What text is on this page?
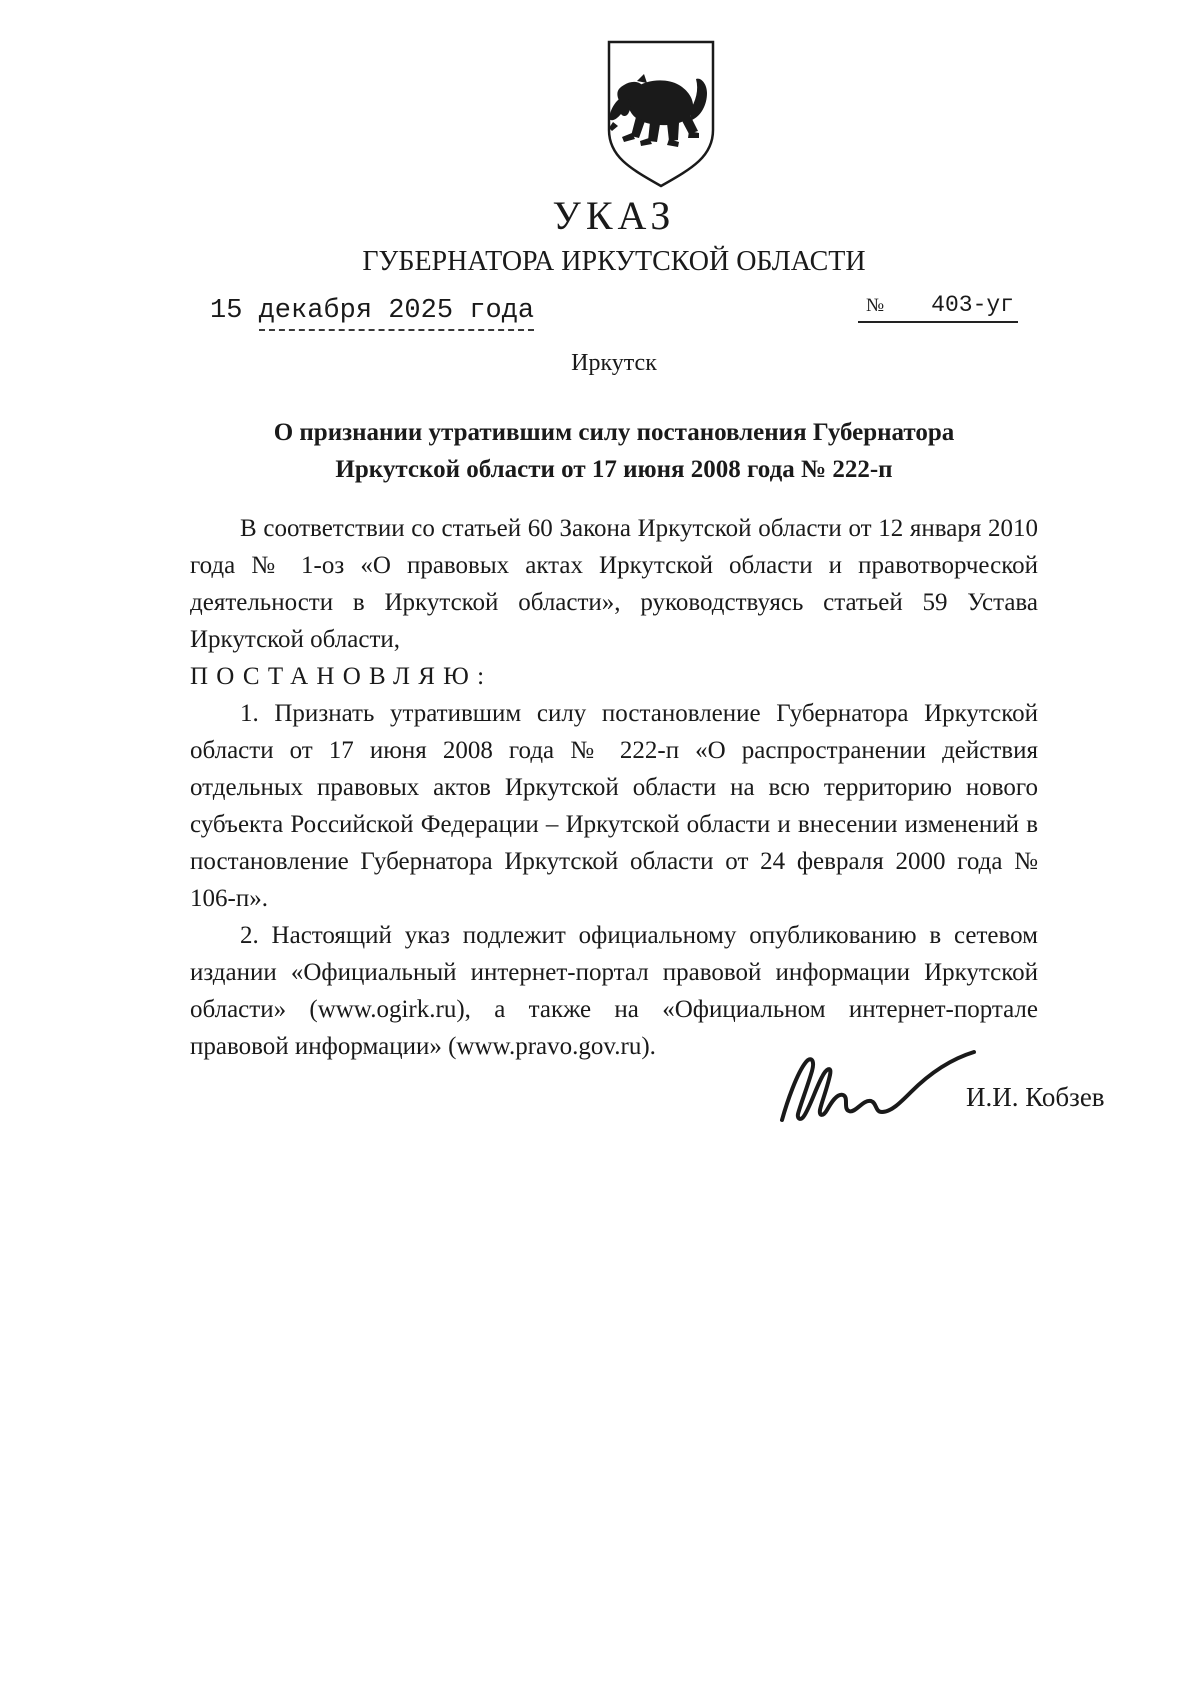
УКАЗ
ГУБЕРНАТОРА ИРКУТСКОЙ ОБЛАСТИ
15 декабря 2025 года	№ 403-уг
Иркутск
О признании утратившим силу постановления Губернатора
Иркутской области от 17 июня 2008 года № 222-п

В соответствии со статьей 60 Закона Иркутской области от 12 января 2010 года № 1-оз «О правовых актах Иркутской области и правотворческой деятельности в Иркутской области», руководствуясь статьей 59 Устава Иркутской области,

ПОСТАНОВЛЯЮ:

1. Признать утратившим силу постановление Губернатора Иркутской области от 17 июня 2008 года № 222-п «О распространении действия отдельных правовых актов Иркутской области на всю территорию нового субъекта Российской Федерации – Иркутской области и внесении изменений в постановление Губернатора Иркутской области от 24 февраля 2000 года № 106-п».

2. Настоящий указ подлежит официальному опубликованию в сетевом издании «Официальный интернет-портал правовой информации Иркутской области» (www.ogirk.ru), а также на «Официальном интернет-портале правовой информации» (www.pravo.gov.ru).

И.И. Кобзев
